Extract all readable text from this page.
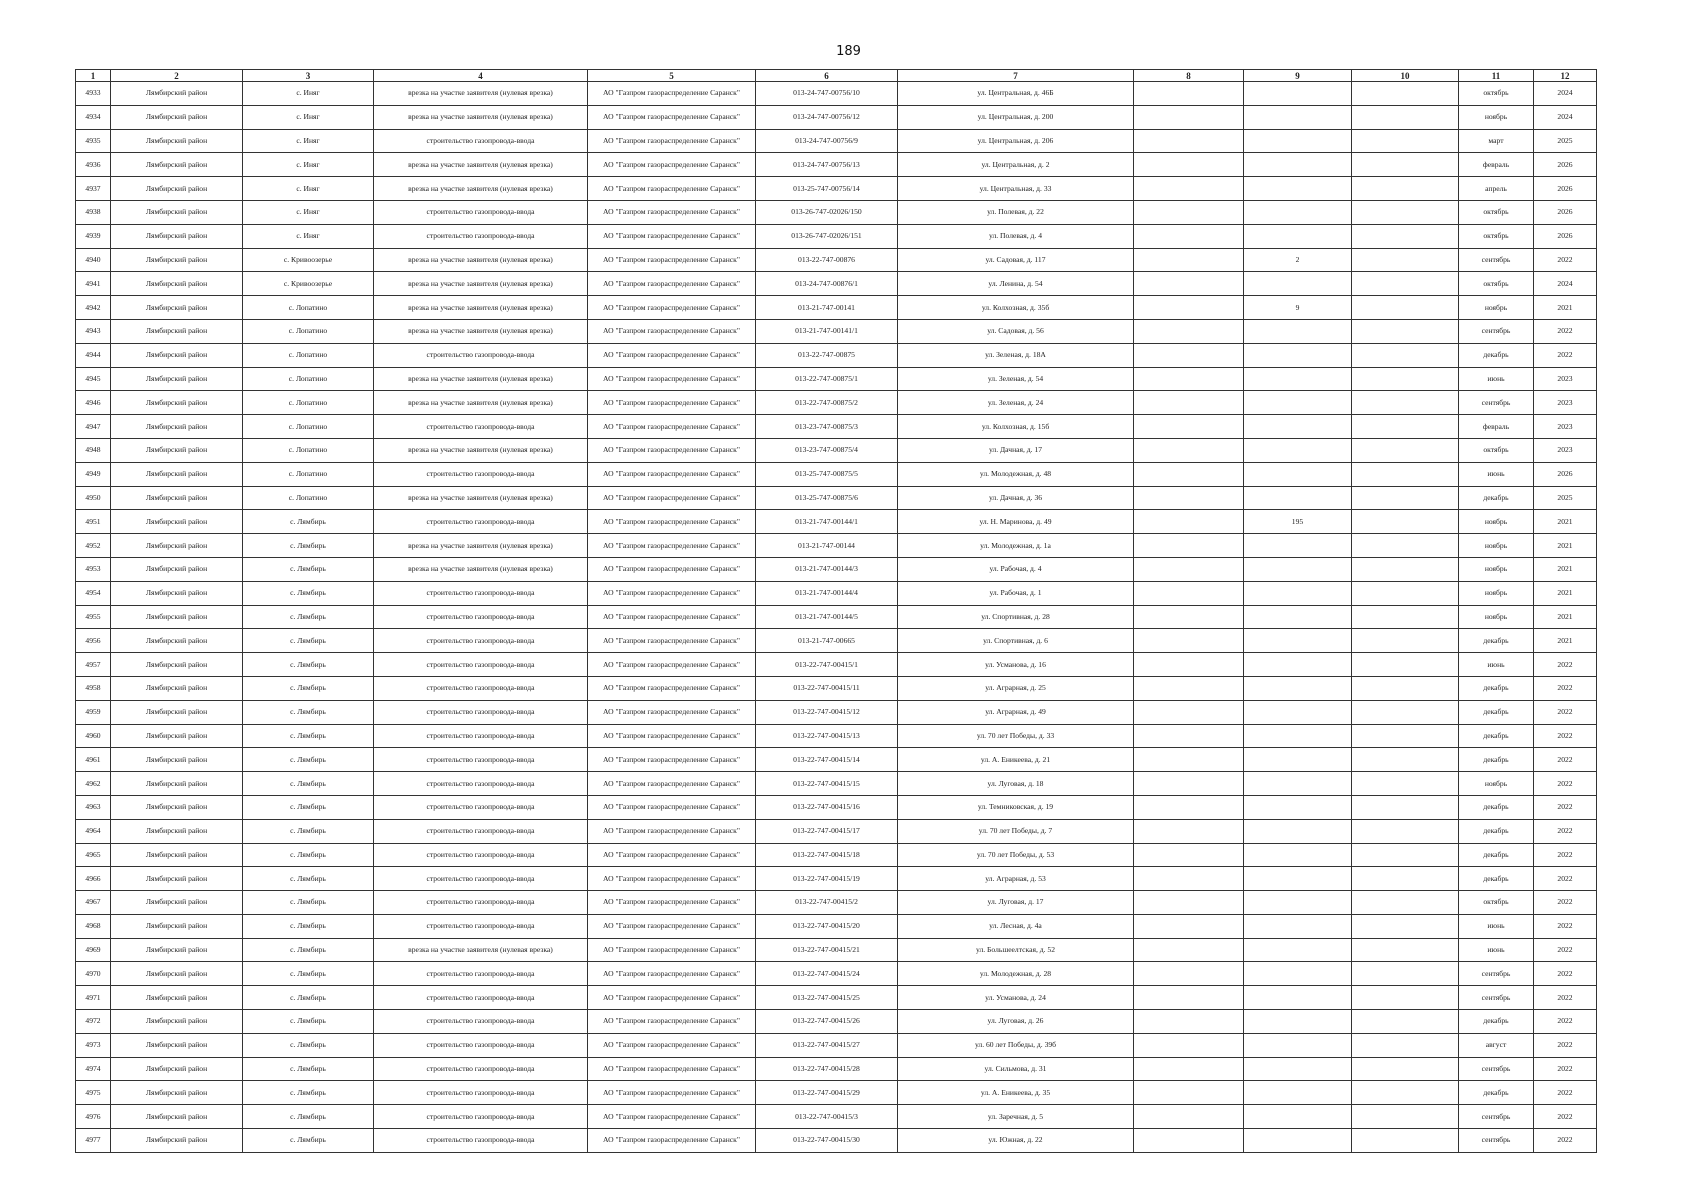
189
1	2	3	4	5	6	7	8	9	10	11	12
4933	Лямбирский район	с. Иняг	врезка на участке заявителя (нулевая врезка)	АО "Газпром газораспределение Саранск"	013-24-747-00756/10	ул. Центральная, д. 46Б				октябрь	2024
4934	Лямбирский район	с. Иняг	врезка на участке заявителя (нулевая врезка)	АО "Газпром газораспределение Саранск"	013-24-747-00756/12	ул. Центральная, д. 200				ноябрь	2024
4935	Лямбирский район	с. Иняг	строительство газопровода-ввода	АО "Газпром газораспределение Саранск"	013-24-747-00756/9	ул. Центральная, д. 206				март	2025
4936	Лямбирский район	с. Иняг	врезка на участке заявителя (нулевая врезка)	АО "Газпром газораспределение Саранск"	013-24-747-00756/13	ул. Центральная, д. 2				февраль	2026
4937	Лямбирский район	с. Иняг	врезка на участке заявителя (нулевая врезка)	АО "Газпром газораспределение Саранск"	013-25-747-00756/14	ул. Центральная, д. 33				апрель	2026
4938	Лямбирский район	с. Иняг	строительство газопровода-ввода	АО "Газпром газораспределение Саранск"	013-26-747-02026/150	ул. Полевая, д. 22				октябрь	2026
4939	Лямбирский район	с. Иняг	строительство газопровода-ввода	АО "Газпром газораспределение Саранск"	013-26-747-02026/151	ул. Полевая, д. 4				октябрь	2026
4940	Лямбирский район	с. Кривоозерье	врезка на участке заявителя (нулевая врезка)	АО "Газпром газораспределение Саранск"	013-22-747-00876	ул. Садовая, д. 117		2		сентябрь	2022
4941	Лямбирский район	с. Кривоозерье	врезка на участке заявителя (нулевая врезка)	АО "Газпром газораспределение Саранск"	013-24-747-00876/1	ул. Ленина, д. 54				октябрь	2024
4942	Лямбирский район	с. Лопатино	врезка на участке заявителя (нулевая врезка)	АО "Газпром газораспределение Саранск"	013-21-747-00141	ул. Колхозная, д. 35б		9		ноябрь	2021
4943	Лямбирский район	с. Лопатино	врезка на участке заявителя (нулевая врезка)	АО "Газпром газораспределение Саранск"	013-21-747-00141/1	ул. Садовая, д. 56				сентябрь	2022
4944	Лямбирский район	с. Лопатино	строительство газопровода-ввода	АО "Газпром газораспределение Саранск"	013-22-747-00875	ул. Зеленая, д. 18А				декабрь	2022
4945	Лямбирский район	с. Лопатино	врезка на участке заявителя (нулевая врезка)	АО "Газпром газораспределение Саранск"	013-22-747-00875/1	ул. Зеленая, д. 54				июнь	2023
4946	Лямбирский район	с. Лопатино	врезка на участке заявителя (нулевая врезка)	АО "Газпром газораспределение Саранск"	013-22-747-00875/2	ул. Зеленая, д. 24				сентябрь	2023
4947	Лямбирский район	с. Лопатино	строительство газопровода-ввода	АО "Газпром газораспределение Саранск"	013-23-747-00875/3	ул. Колхозная, д. 15б				февраль	2023
4948	Лямбирский район	с. Лопатино	врезка на участке заявителя (нулевая врезка)	АО "Газпром газораспределение Саранск"	013-23-747-00875/4	ул. Дачная, д. 17				октябрь	2023
4949	Лямбирский район	с. Лопатино	строительство газопровода-ввода	АО "Газпром газораспределение Саранск"	013-25-747-00875/5	ул. Молодежная, д. 48				июнь	2026
4950	Лямбирский район	с. Лопатино	врезка на участке заявителя (нулевая врезка)	АО "Газпром газораспределение Саранск"	013-25-747-00875/6	ул. Дачная, д. 36				декабрь	2025
4951	Лямбирский район	с. Лямбирь	строительство газопровода-ввода	АО "Газпром газораспределение Саранск"	013-21-747-00144/1	ул. Н. Маринова, д. 49		195		ноябрь	2021
4952	Лямбирский район	с. Лямбирь	врезка на участке заявителя (нулевая врезка)	АО "Газпром газораспределение Саранск"	013-21-747-00144	ул. Молодежная, д. 1а				ноябрь	2021
4953	Лямбирский район	с. Лямбирь	врезка на участке заявителя (нулевая врезка)	АО "Газпром газораспределение Саранск"	013-21-747-00144/3	ул. Рабочая, д. 4				ноябрь	2021
4954	Лямбирский район	с. Лямбирь	строительство газопровода-ввода	АО "Газпром газораспределение Саранск"	013-21-747-00144/4	ул. Рабочая, д. 1				ноябрь	2021
4955	Лямбирский район	с. Лямбирь	строительство газопровода-ввода	АО "Газпром газораспределение Саранск"	013-21-747-00144/5	ул. Спортивная, д. 28				ноябрь	2021
4956	Лямбирский район	с. Лямбирь	строительство газопровода-ввода	АО "Газпром газораспределение Саранск"	013-21-747-00665	ул. Спортивная, д. 6				декабрь	2021
4957	Лямбирский район	с. Лямбирь	строительство газопровода-ввода	АО "Газпром газораспределение Саранск"	013-22-747-00415/1	ул. Усманова, д. 16				июнь	2022
4958	Лямбирский район	с. Лямбирь	строительство газопровода-ввода	АО "Газпром газораспределение Саранск"	013-22-747-00415/11	ул. Аграрная, д. 25				декабрь	2022
4959	Лямбирский район	с. Лямбирь	строительство газопровода-ввода	АО "Газпром газораспределение Саранск"	013-22-747-00415/12	ул. Аграрная, д. 49				декабрь	2022
4960	Лямбирский район	с. Лямбирь	строительство газопровода-ввода	АО "Газпром газораспределение Саранск"	013-22-747-00415/13	ул. 70 лет Победы, д. 33				декабрь	2022
4961	Лямбирский район	с. Лямбирь	строительство газопровода-ввода	АО "Газпром газораспределение Саранск"	013-22-747-00415/14	ул. А. Еникеева, д. 21				декабрь	2022
4962	Лямбирский район	с. Лямбирь	строительство газопровода-ввода	АО "Газпром газораспределение Саранск"	013-22-747-00415/15	ул. Луговая, д. 18				ноябрь	2022
4963	Лямбирский район	с. Лямбирь	строительство газопровода-ввода	АО "Газпром газораспределение Саранск"	013-22-747-00415/16	ул. Темниковская, д. 19				декабрь	2022
4964	Лямбирский район	с. Лямбирь	строительство газопровода-ввода	АО "Газпром газораспределение Саранск"	013-22-747-00415/17	ул. 70 лет Победы, д. 7				декабрь	2022
4965	Лямбирский район	с. Лямбирь	строительство газопровода-ввода	АО "Газпром газораспределение Саранск"	013-22-747-00415/18	ул. 70 лет Победы, д. 53				декабрь	2022
4966	Лямбирский район	с. Лямбирь	строительство газопровода-ввода	АО "Газпром газораспределение Саранск"	013-22-747-00415/19	ул. Аграрная, д. 53				декабрь	2022
4967	Лямбирский район	с. Лямбирь	строительство газопровода-ввода	АО "Газпром газораспределение Саранск"	013-22-747-00415/2	ул. Луговая, д. 17				октябрь	2022
4968	Лямбирский район	с. Лямбирь	строительство газопровода-ввода	АО "Газпром газораспределение Саранск"	013-22-747-00415/20	ул. Лесная, д. 4а				июнь	2022
4969	Лямбирский район	с. Лямбирь	врезка на участке заявителя (нулевая врезка)	АО "Газпром газораспределение Саранск"	013-22-747-00415/21	ул. Большеелтская, д. 52				июнь	2022
4970	Лямбирский район	с. Лямбирь	строительство газопровода-ввода	АО "Газпром газораспределение Саранск"	013-22-747-00415/24	ул. Молодежная, д. 28				сентябрь	2022
4971	Лямбирский район	с. Лямбирь	строительство газопровода-ввода	АО "Газпром газораспределение Саранск"	013-22-747-00415/25	ул. Усманова, д. 24				сентябрь	2022
4972	Лямбирский район	с. Лямбирь	строительство газопровода-ввода	АО "Газпром газораспределение Саранск"	013-22-747-00415/26	ул. Луговая, д. 26				декабрь	2022
4973	Лямбирский район	с. Лямбирь	строительство газопровода-ввода	АО "Газпром газораспределение Саранск"	013-22-747-00415/27	ул. 60 лет Победы, д. 39б				август	2022
4974	Лямбирский район	с. Лямбирь	строительство газопровода-ввода	АО "Газпром газораспределение Саранск"	013-22-747-00415/28	ул. Сильмова, д. 31				сентябрь	2022
4975	Лямбирский район	с. Лямбирь	строительство газопровода-ввода	АО "Газпром газораспределение Саранск"	013-22-747-00415/29	ул. А. Еникеева, д. 35				декабрь	2022
4976	Лямбирский район	с. Лямбирь	строительство газопровода-ввода	АО "Газпром газораспределение Саранск"	013-22-747-00415/3	ул. Заречная, д. 5				сентябрь	2022
4977	Лямбирский район	с. Лямбирь	строительство газопровода-ввода	АО "Газпром газораспределение Саранск"	013-22-747-00415/30	ул. Южная, д. 22				сентябрь	2022
